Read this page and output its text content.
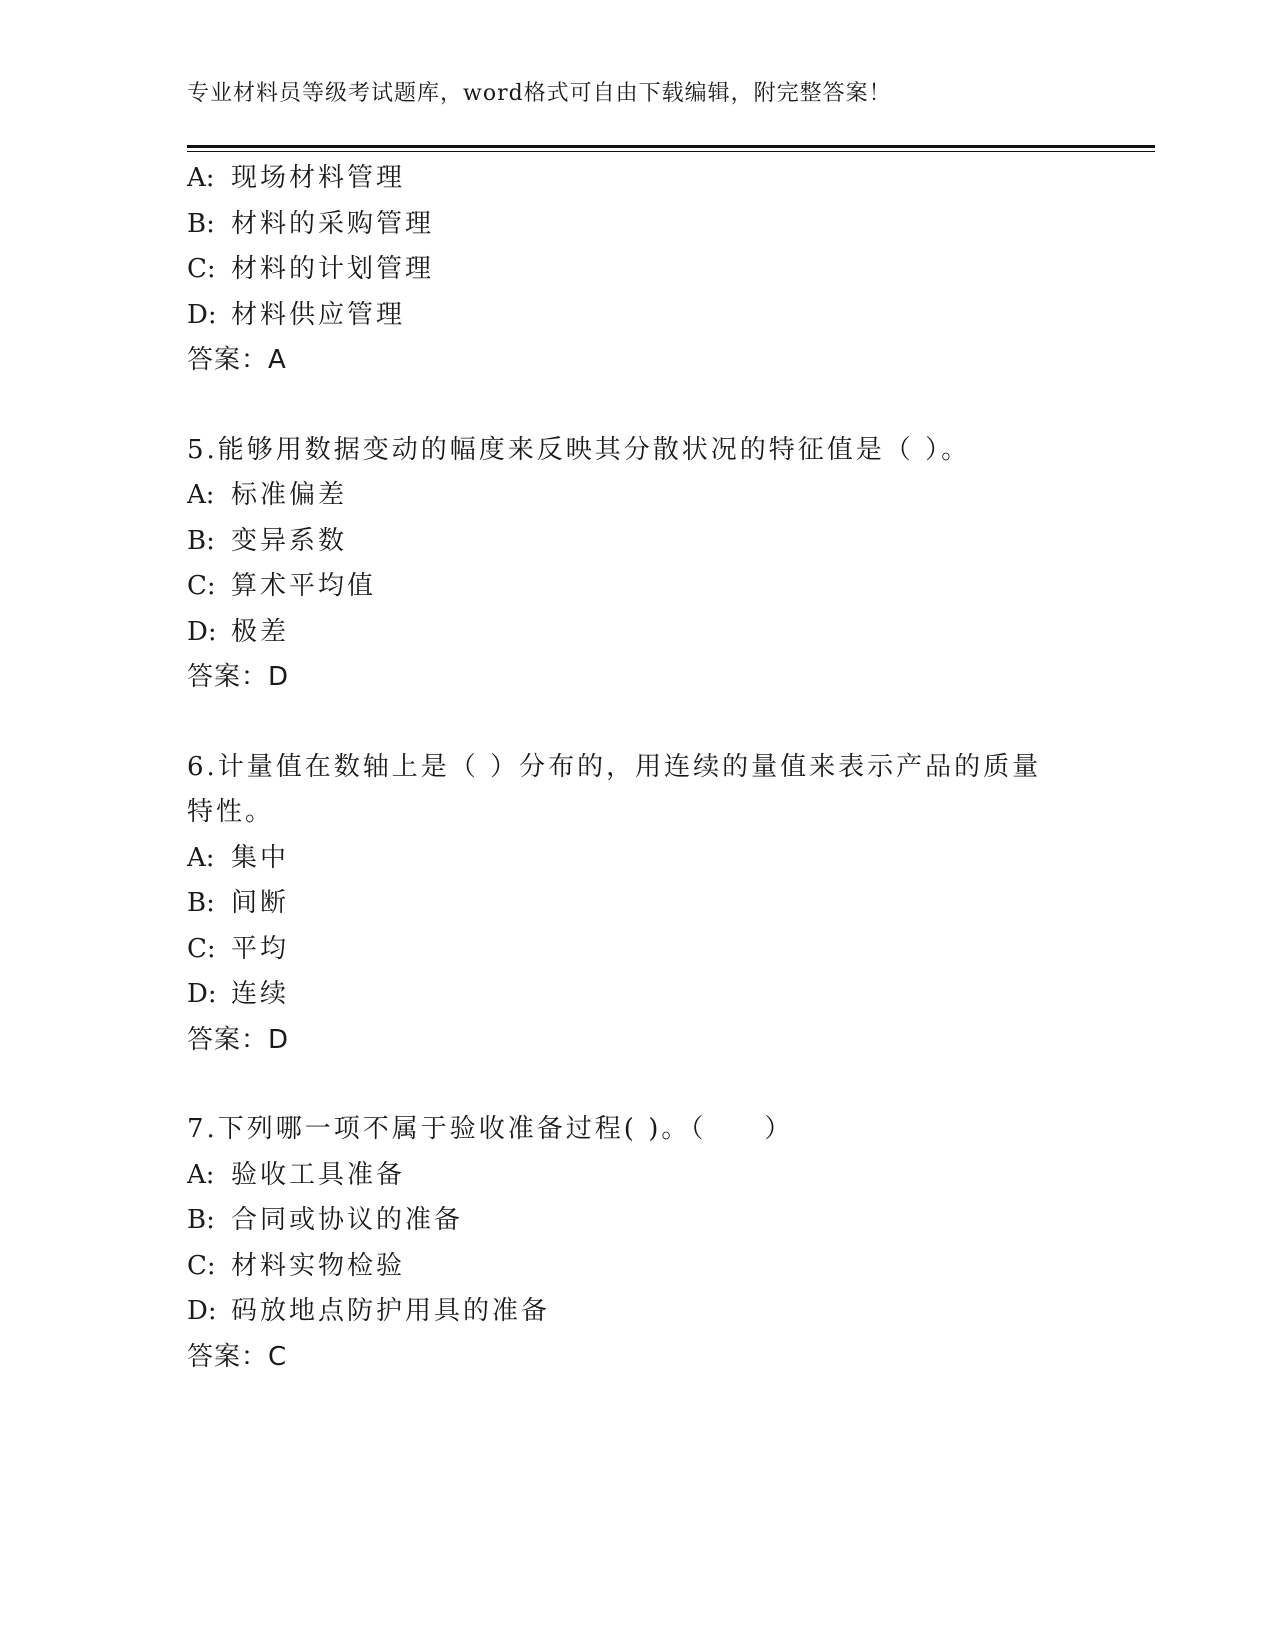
专业材料员等级考试题库，word格式可自由下载编辑，附完整答案！
A: 现场材料管理
B: 材料的采购管理
C: 材料的计划管理
D: 材料供应管理
答案：A
5.能够用数据变动的幅度来反映其分散状况的特征值是（ ）。
A: 标准偏差
B: 变异系数
C: 算术平均值
D: 极差
答案：D
6.计量值在数轴上是（ ）分布的，用连续的量值来表示产品的质量特性。
A: 集中
B: 间断
C: 平均
D: 连续
答案：D
7.下列哪一项不属于验收准备过程( )。（　　）
A: 验收工具准备
B: 合同或协议的准备
C: 材料实物检验
D: 码放地点防护用具的准备
答案：C
